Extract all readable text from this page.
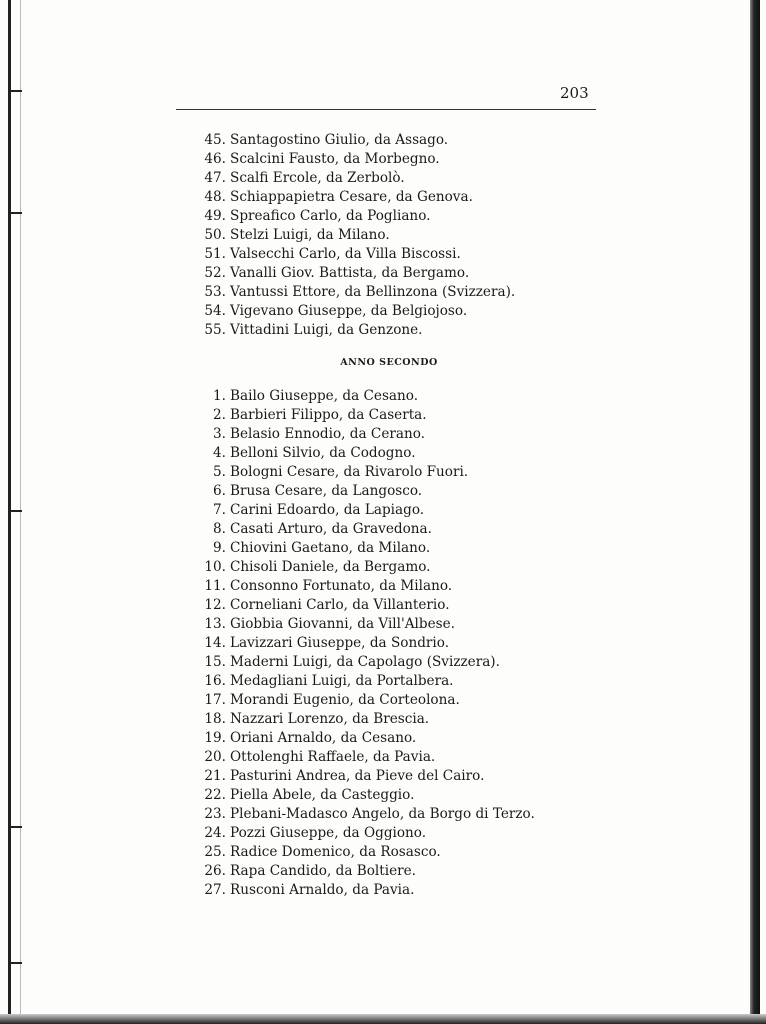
203
45. Santagostino Giulio, da Assago.
46. Scalcini Fausto, da Morbegno.
47. Scalfi Ercole, da Zerbolò.
48. Schiappapietra Cesare, da Genova.
49. Spreafico Carlo, da Pogliano.
50. Stelzi Luigi, da Milano.
51. Valsecchi Carlo, da Villa Biscossi.
52. Vanalli Giov. Battista, da Bergamo.
53. Vantussi Ettore, da Bellinzona (Svizzera).
54. Vigevano Giuseppe, da Belgiojoso.
55. Vittadini Luigi, da Genzone.
ANNO SECONDO
1. Bailo Giuseppe, da Cesano.
2. Barbieri Filippo, da Caserta.
3. Belasio Ennodio, da Cerano.
4. Belloni Silvio, da Codogno.
5. Bologni Cesare, da Rivarolo Fuori.
6. Brusa Cesare, da Langosco.
7. Carini Edoardo, da Lapiago.
8. Casati Arturo, da Gravedona.
9. Chiovini Gaetano, da Milano.
10. Chisoli Daniele, da Bergamo.
11. Consonno Fortunato, da Milano.
12. Corneliani Carlo, da Villanterio.
13. Giobbia Giovanni, da Vill'Albese.
14. Lavizzari Giuseppe, da Sondrio.
15. Maderni Luigi, da Capolago (Svizzera).
16. Medagliani Luigi, da Portalbera.
17. Morandi Eugenio, da Corteolona.
18. Nazzari Lorenzo, da Brescia.
19. Oriani Arnaldo, da Cesano.
20. Ottolenghi Raffaele, da Pavia.
21. Pasturini Andrea, da Pieve del Cairo.
22. Piella Abele, da Casteggio.
23. Plebani-Madasco Angelo, da Borgo di Terzo.
24. Pozzi Giuseppe, da Oggiono.
25. Radice Domenico, da Rosasco.
26. Rapa Candido, da Boltiere.
27. Rusconi Arnaldo, da Pavia.
